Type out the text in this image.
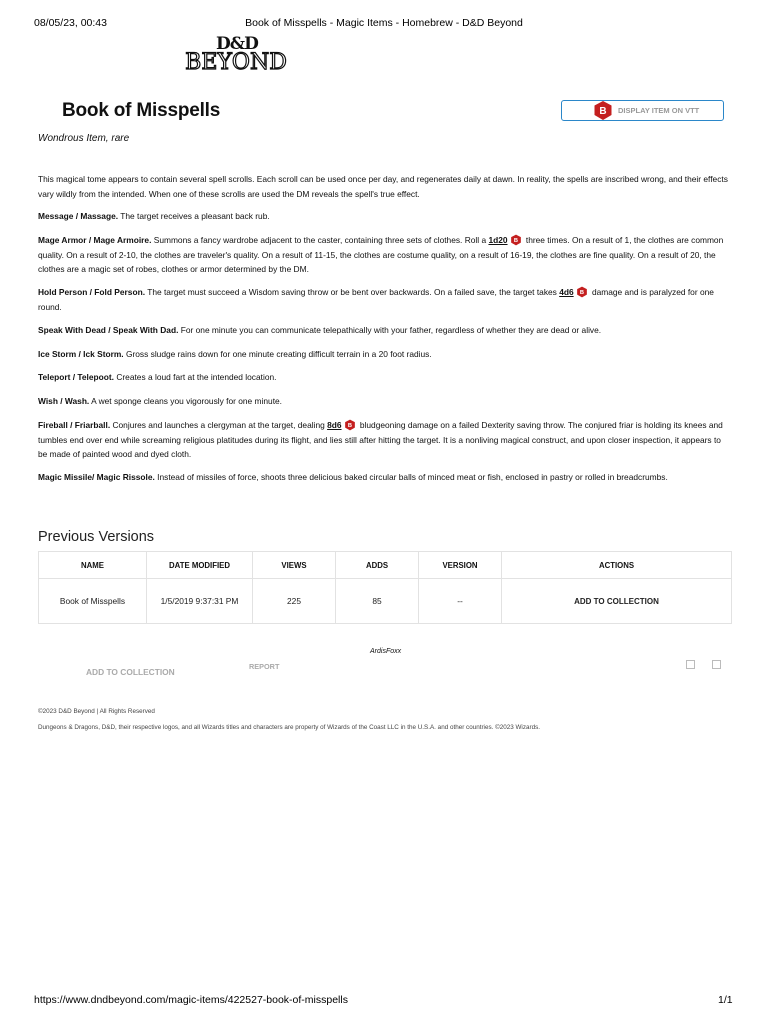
08/05/23, 00:43	Book of Misspells - Magic Items - Homebrew - D&D Beyond
D&D
BEYOND
Book of Misspells
Wondrous Item, rare
B DISPLAY ITEM ON VTT
This magical tome appears to contain several spell scrolls. Each scroll can be used once per day, and regenerates daily at dawn. In reality, the spells are inscribed wrong, and their effects vary wildly from the intended. When one of these scrolls are used the DM reveals the spell's true effect.
Message / Massage. The target receives a pleasant back rub.
Mage Armor / Mage Armoire. Summons a fancy wardrobe adjacent to the caster, containing three sets of clothes. Roll a 1d20 B three times. On a result of 1, the clothes are common quality. On a result of 2-10, the clothes are traveler's quality. On a result of 11-15, the clothes are costume quality, on a result of 16-19, the clothes are fine quality. On a result of 20, the clothes are a magic set of robes, clothes or armor determined by the DM.
Hold Person / Fold Person. The target must succeed a Wisdom saving throw or be bent over backwards. On a failed save, the target takes 4d6 B damage and is paralyzed for one round.
Speak With Dead / Speak With Dad. For one minute you can communicate telepathically with your father, regardless of whether they are dead or alive.
Ice Storm / Ick Storm. Gross sludge rains down for one minute creating difficult terrain in a 20 foot radius.
Teleport / Telepoot. Creates a loud fart at the intended location.
Wish / Wash. A wet sponge cleans you vigorously for one minute.
Fireball / Friarball. Conjures and launches a clergyman at the target, dealing 8d6 B bludgeoning damage on a failed Dexterity saving throw. The conjured friar is holding its knees and tumbles end over end while screaming religious platitudes during its flight, and lies still after hitting the target. It is a nonliving magical construct, and upon closer inspection, it appears to be made of painted wood and dyed cloth.
Magic Missile/ Magic Rissole. Instead of missiles of force, shoots three delicious baked circular balls of minced meat or fish, enclosed in pastry or rolled in breadcrumbs.
Previous Versions
NAME	DATE MODIFIED	VIEWS	ADDS	VERSION	ACTIONS
Book of Misspells	1/5/2019 9:37:31 PM	225	85	--	ADD TO COLLECTION
ArdisFoxx
ADD TO COLLECTION
REPORT
©2023 D&D Beyond | All Rights Reserved
Dungeons & Dragons, D&D, their respective logos, and all Wizards titles and characters are property of Wizards of the Coast LLC in the U.S.A. and other countries. ©2023 Wizards.
https://www.dndbeyond.com/magic-items/422527-book-of-misspells	1/1
